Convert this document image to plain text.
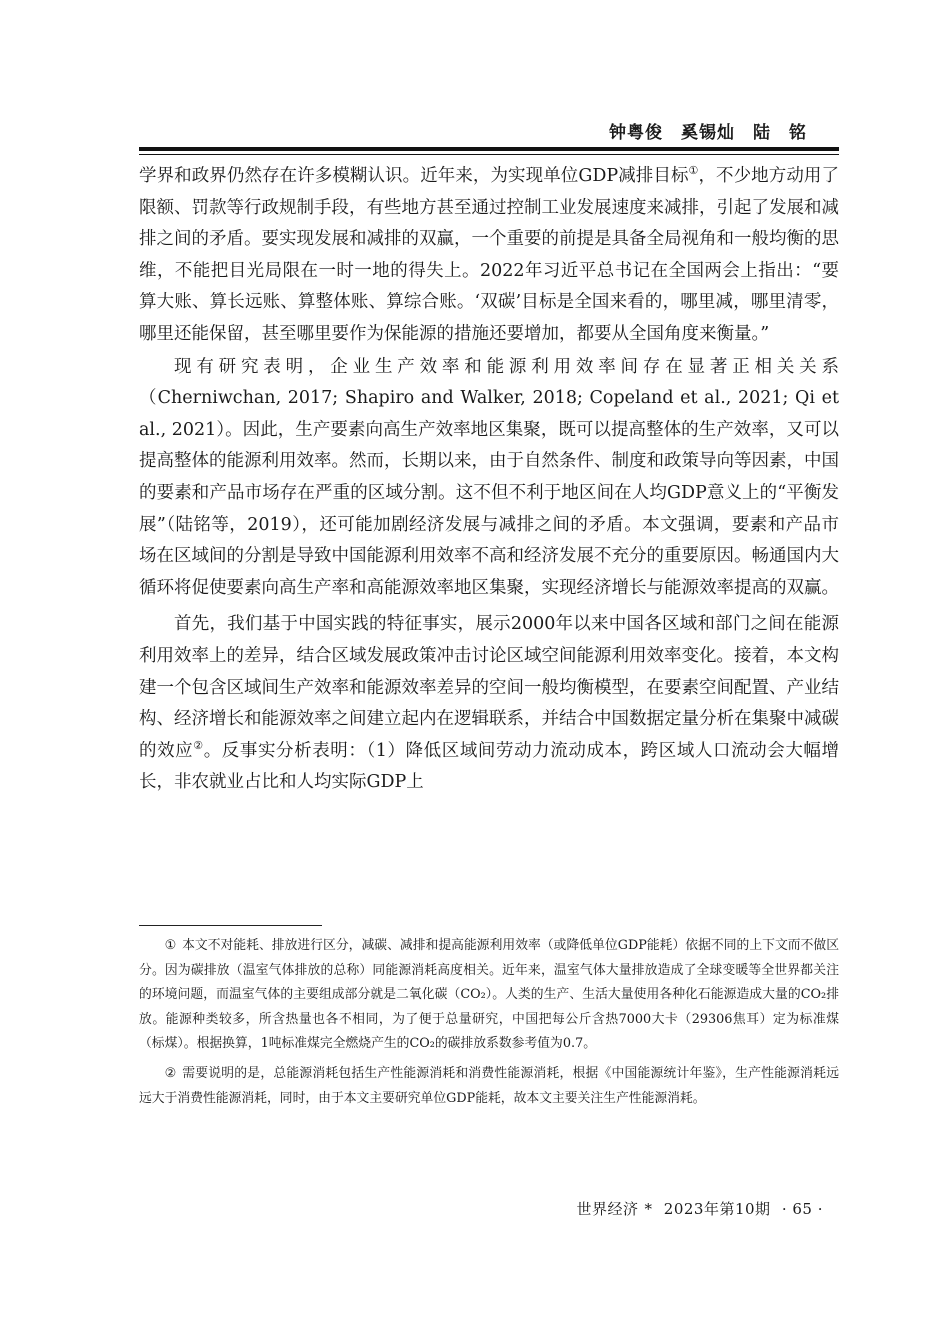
钟粤俊　奚锡灿　陆　铭

学界和政界仍然存在许多模糊认识。近年来，为实现单位GDP减排目标①，不少地方动用了限额、罚款等行政规制手段，有些地方甚至通过控制工业发展速度来减排，引起了发展和减排之间的矛盾。要实现发展和减排的双赢，一个重要的前提是具备全局视角和一般均衡的思维，不能把目光局限在一时一地的得失上。2022年习近平总书记在全国两会上指出：“要算大账、算长远账、算整体账、算综合账。‘双碳’目标是全国来看的，哪里减，哪里清零，哪里还能保留，甚至哪里要作为保能源的措施还要增加，都要从全国角度来衡量。”

现有研究表明，企业生产效率和能源利用效率间存在显著正相关关系（Cherniwchan, 2017; Shapiro and Walker, 2018; Copeland et al., 2021; Qi et al., 2021）。因此，生产要素向高生产效率地区集聚，既可以提高整体的生产效率，又可以提高整体的能源利用效率。然而，长期以来，由于自然条件、制度和政策导向等因素，中国的要素和产品市场存在严重的区域分割。这不但不利于地区间在人均GDP意义上的“平衡发展”（陆铭等，2019），还可能加剧经济发展与减排之间的矛盾。本文强调，要素和产品市场在区域间的分割是导致中国能源利用效率不高和经济发展不充分的重要原因。畅通国内大循环将促使要素向高生产率和高能源效率地区集聚，实现经济增长与能源效率提高的双赢。

首先，我们基于中国实践的特征事实，展示2000年以来中国各区域和部门之间在能源利用效率上的差异，结合区域发展政策冲击讨论区域空间能源利用效率变化。接着，本文构建一个包含区域间生产效率和能源效率差异的空间一般均衡模型，在要素空间配置、产业结构、经济增长和能源效率之间建立起内在逻辑联系，并结合中国数据定量分析在集聚中减碳的效应②。反事实分析表明：（1）降低区域间劳动力流动成本，跨区域人口流动会大幅增长，非农就业占比和人均实际GDP上

① 本文不对能耗、排放进行区分，减碳、减排和提高能源利用效率（或降低单位GDP能耗）依据不同的上下文而不做区分。因为碳排放（温室气体排放的总称）同能源消耗高度相关。近年来，温室气体大量排放造成了全球变暖等全世界都关注的环境问题，而温室气体的主要组成部分就是二氧化碳（CO₂）。人类的生产、生活大量使用各种化石能源造成大量的CO₂排放。能源种类较多，所含热量也各不相同，为了便于总量研究，中国把每公斤含热7000大卡（29306焦耳）定为标准煤（标煤）。根据换算，1吨标准煤完全燃烧产生的CO₂的碳排放系数参考值为0.7。

② 需要说明的是，总能源消耗包括生产性能源消耗和消费性能源消耗，根据《中国能源统计年鉴》，生产性能源消耗远远大于消费性能源消耗，同时，由于本文主要研究单位GDP能耗，故本文主要关注生产性能源消耗。

世界经济 * 2023年第10期 · 65 ·
